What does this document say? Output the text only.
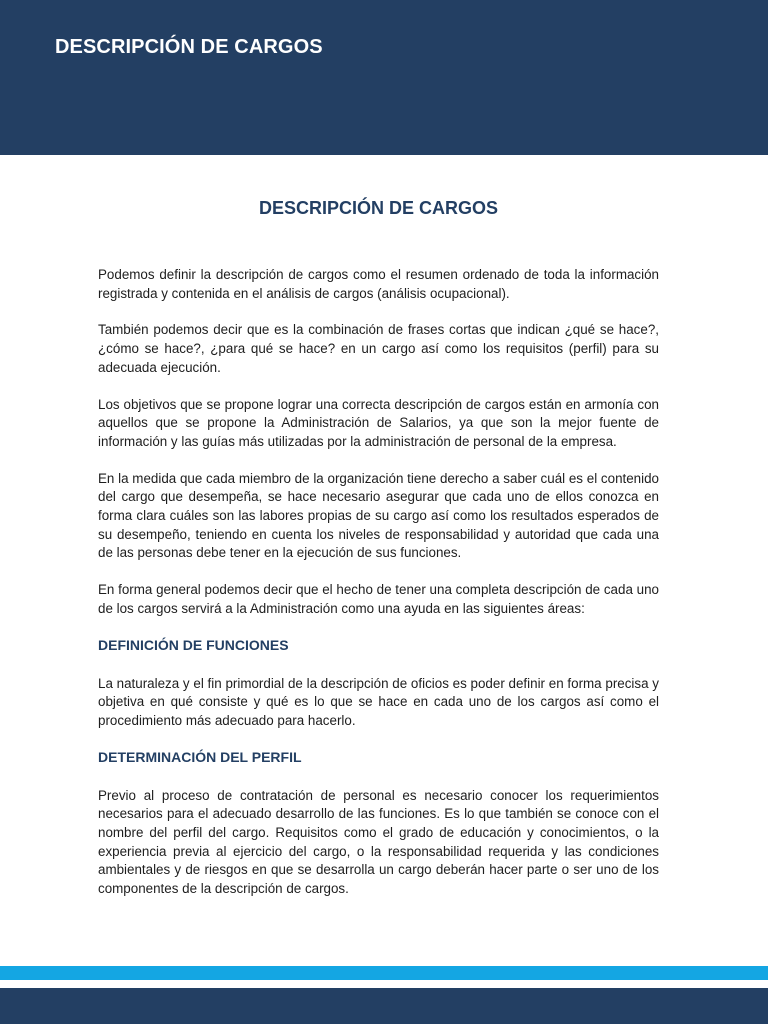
DESCRIPCIÓN DE CARGOS
DESCRIPCIÓN DE CARGOS

Podemos definir la descripción de cargos como el resumen ordenado de toda la información registrada y contenida en el análisis de cargos (análisis ocupacional).

También podemos decir que es la combinación de frases cortas que indican ¿qué se hace?, ¿cómo se hace?, ¿para qué se hace? en un cargo así como los requisitos (perfil) para su adecuada ejecución.

Los objetivos que se propone lograr una correcta descripción de cargos están en armonía con aquellos que se propone la Administración de Salarios, ya que son la mejor fuente de información y las guías más utilizadas por la administración de personal de la empresa.

En la medida que cada miembro de la organización tiene derecho a saber cuál es el contenido del cargo que desempeña, se hace necesario asegurar que cada uno de ellos conozca en forma clara cuáles son las labores propias de su cargo así como los resultados esperados de su desempeño, teniendo en cuenta los niveles de responsabilidad y autoridad que cada una de las personas debe tener en la ejecución de sus funciones.

En forma general podemos decir que el hecho de tener una completa descripción de cada uno de los cargos servirá a la Administración como una ayuda en las siguientes áreas:

DEFINICIÓN DE FUNCIONES

La naturaleza y el fin primordial de la descripción de oficios es poder definir en forma precisa y objetiva en qué consiste y qué es lo que se hace en cada uno de los cargos así como el procedimiento más adecuado para hacerlo.

DETERMINACIÓN DEL PERFIL

Previo al proceso de contratación de personal es necesario conocer los requerimientos necesarios para el adecuado desarrollo de las funciones. Es lo que también se conoce con el nombre del perfil del cargo. Requisitos como el grado de educación y conocimientos, o la experiencia previa al ejercicio del cargo, o la responsabilidad requerida y las condiciones ambientales y de riesgos en que se desarrolla un cargo deberán hacer parte o ser uno de los componentes de la descripción de cargos.
